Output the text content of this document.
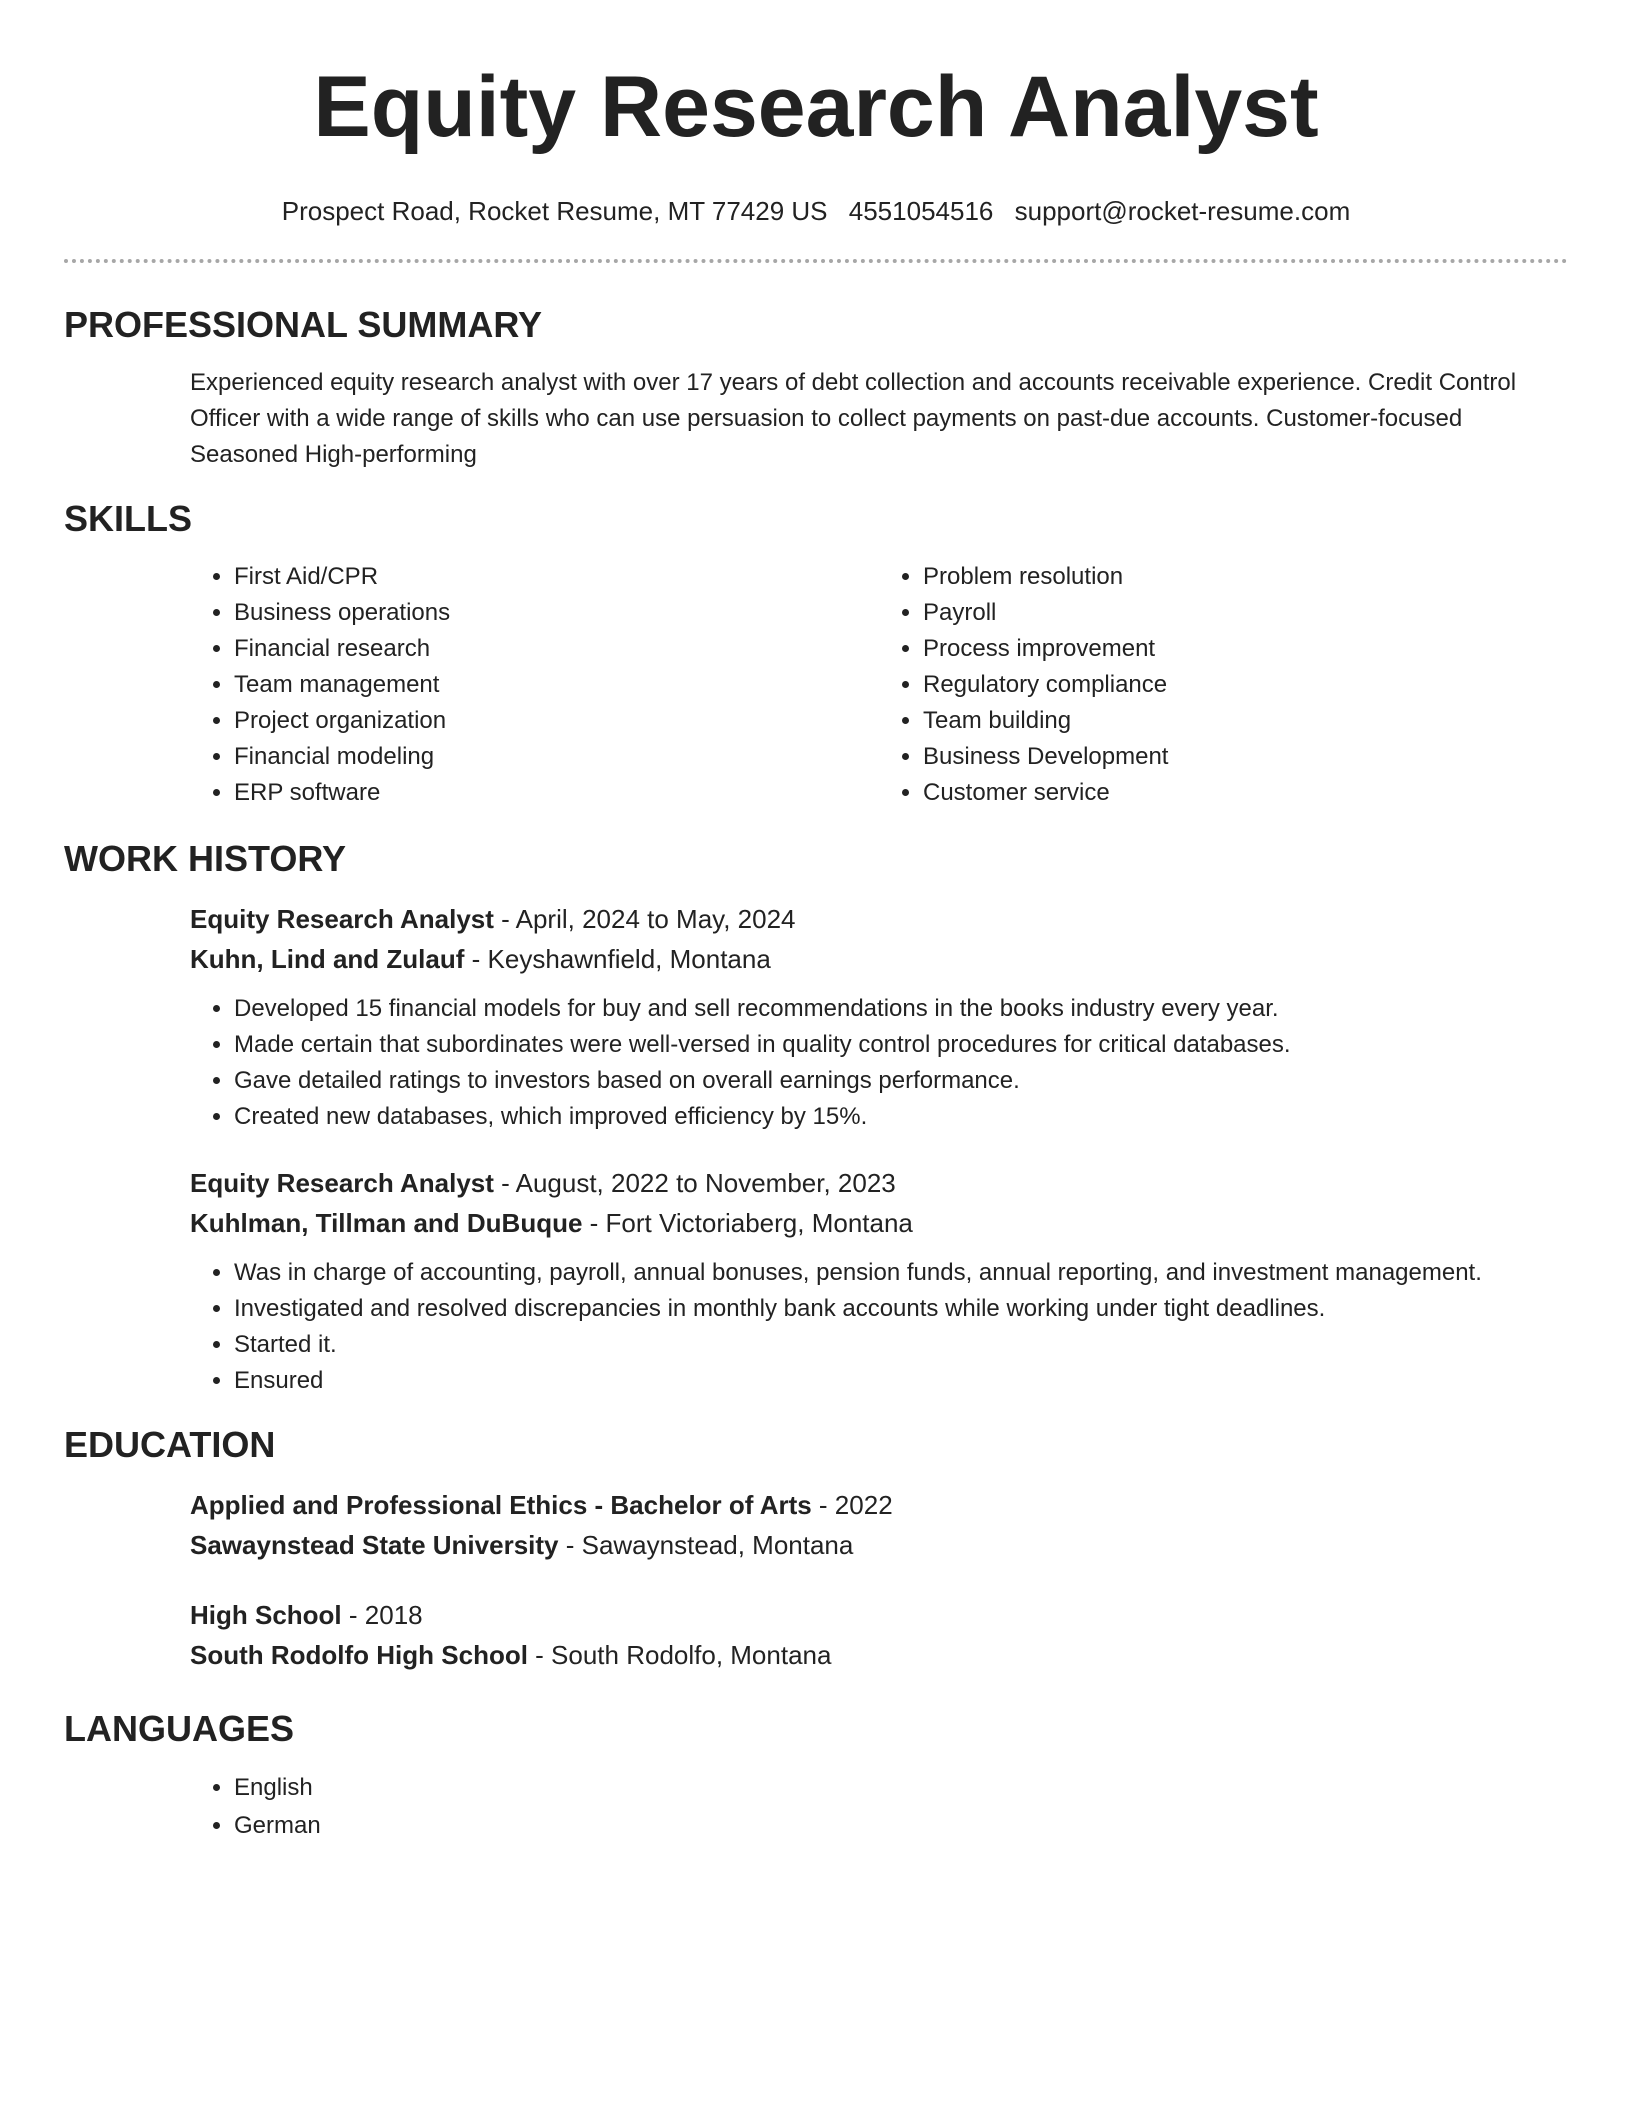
Equity Research Analyst
Prospect Road, Rocket Resume, MT 77429 US 4551054516 support@rocket-resume.com
PROFESSIONAL SUMMARY
Experienced equity research analyst with over 17 years of debt collection and accounts receivable experience. Credit Control Officer with a wide range of skills who can use persuasion to collect payments on past-due accounts. Customer-focused Seasoned High-performing
SKILLS
• First Aid/CPR
• Business operations
• Financial research
• Team management
• Project organization
• Financial modeling
• ERP software
• Problem resolution
• Payroll
• Process improvement
• Regulatory compliance
• Team building
• Business Development
• Customer service
WORK HISTORY
Equity Research Analyst - April, 2024 to May, 2024
Kuhn, Lind and Zulauf - Keyshawnfield, Montana
• Developed 15 financial models for buy and sell recommendations in the books industry every year.
• Made certain that subordinates were well-versed in quality control procedures for critical databases.
• Gave detailed ratings to investors based on overall earnings performance.
• Created new databases, which improved efficiency by 15%.
Equity Research Analyst - August, 2022 to November, 2023
Kuhlman, Tillman and DuBuque - Fort Victoriaberg, Montana
• Was in charge of accounting, payroll, annual bonuses, pension funds, annual reporting, and investment management.
• Investigated and resolved discrepancies in monthly bank accounts while working under tight deadlines.
• Started it.
• Ensured
EDUCATION
Applied and Professional Ethics - Bachelor of Arts - 2022
Sawaynstead State University - Sawaynstead, Montana
High School - 2018
South Rodolfo High School - South Rodolfo, Montana
LANGUAGES
• English
• German
